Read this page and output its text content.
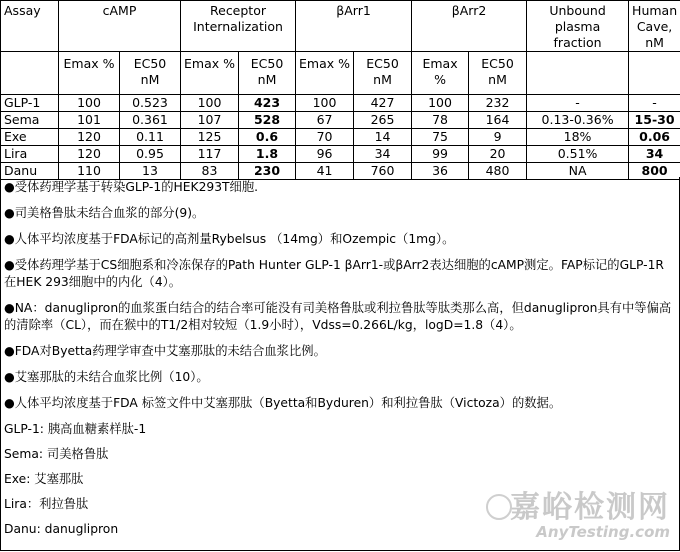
Assay	cAMP		Receptor Internalization		βArr1		βArr2		Unbound plasma fraction	Human Cave, nM
	Emax %	EC50 nM	Emax %	EC50 nM	Emax %	EC50 nM	Emax %	EC50 nM		
GLP-1	100	0.523	100	423	100	427	100	232	-	-
Sema	101	0.361	107	528	67	265	78	164	0.13-0.36%	15-30
Exe	120	0.11	125	0.6	70	14	75	9	18%	0.06
Lira	120	0.95	117	1.8	96	34	99	20	0.51%	34
Danu	110	13	83	230	41	760	36	480	NA	800

●受体药理学基于转染GLP-1的HEK293T细胞.

●司美格鲁肽未结合血浆的部分(9)。

●人体平均浓度基于FDA标记的高剂量Rybelsus （14mg）和Ozempic（1mg）。

●受体药理学基于CS细胞系和冷冻保存的Path Hunter GLP-1 βArr1-或βArr2表达细胞的cAMP测定。FAP标记的GLP-1R在HEK 293细胞中的内化（4）。

●NA：danuglipron的血浆蛋白结合的结合率可能没有司美格鲁肽或利拉鲁肽等肽类那么高，但danuglipron具有中等偏高的清除率（CL），而在猴中的T1/2相对较短（1.9小时），Vdss=0.266L/kg，logD=1.8（4）。

●FDA对Byetta药理学审查中艾塞那肽的未结合血浆比例。

●艾塞那肽的未结合血浆比例（10）。

●人体平均浓度基于FDA 标签文件中艾塞那肽（Byetta和Byduren）和利拉鲁肽（Victoza）的数据。

GLP-1: 胰高血糖素样肽-1

Sema: 司美格鲁肽

Exe: 艾塞那肽

Lira：利拉鲁肽

Danu: danuglipron

嘉峪检测网
AnyTesting.com
